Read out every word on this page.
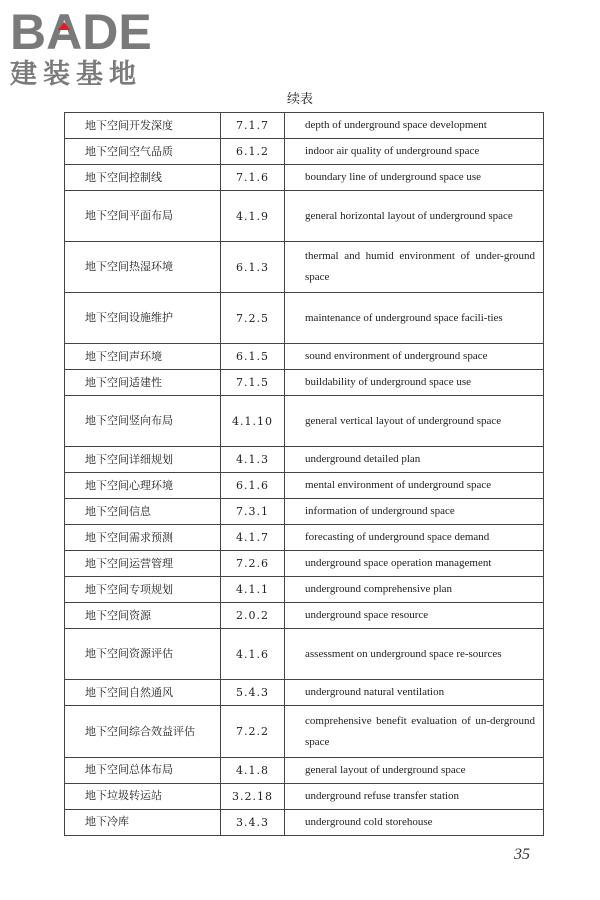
BA
DE
建装基地
续表
地下空间开发深度	7.1.7	depth of underground space development
地下空间空气品质	6.1.2	indoor air quality of underground space
地下空间控制线	7.1.6	boundary line of underground space use
地下空间平面布局	4.1.9	general horizontal layout of underground space
地下空间热湿环境	6.1.3	thermal and humid environment of under-ground space
地下空间设施维护	7.2.5	maintenance of underground space facili-ties
地下空间声环境	6.1.5	sound environment of underground space
地下空间适建性	7.1.5	buildability of underground space use
地下空间竖向布局	4.1.10	general vertical layout of underground space
地下空间详细规划	4.1.3	underground detailed plan
地下空间心理环境	6.1.6	mental environment of underground space
地下空间信息	7.3.1	information of underground space
地下空间需求预测	4.1.7	forecasting of underground space demand
地下空间运营管理	7.2.6	underground space operation management
地下空间专项规划	4.1.1	underground comprehensive plan
地下空间资源	2.0.2	underground space resource
地下空间资源评估	4.1.6	assessment on underground space re-sources
地下空间自然通风	5.4.3	underground natural ventilation
地下空间综合效益评估	7.2.2	comprehensive benefit evaluation of un-derground space
地下空间总体布局	4.1.8	general layout of underground space
地下垃圾转运站	3.2.18	underground refuse transfer station
地下冷库	3.4.3	underground cold storehouse
35
